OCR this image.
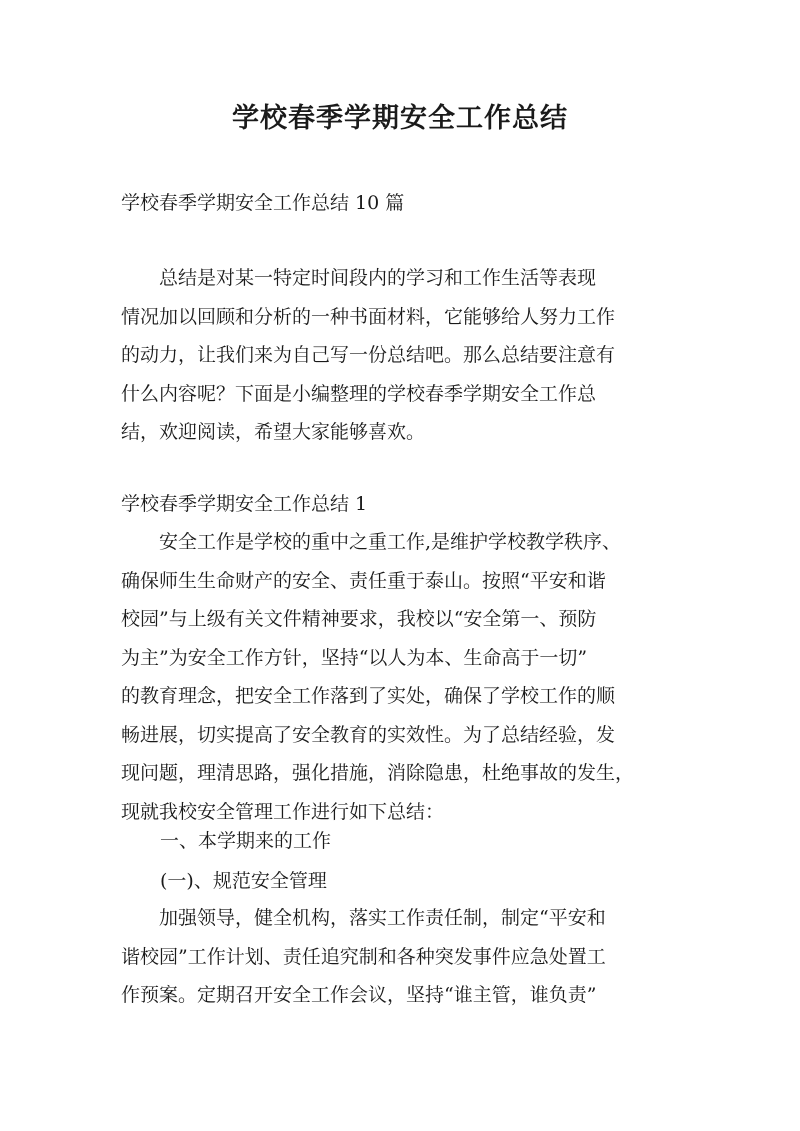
学校春季学期安全工作总结

学校春季学期安全工作总结 10 篇

总结是对某一特定时间段内的学习和工作生活等表现
情况加以回顾和分析的一种书面材料，它能够给人努力工作
的动力，让我们来为自己写一份总结吧。那么总结要注意有
什么内容呢？下面是小编整理的学校春季学期安全工作总
结，欢迎阅读，希望大家能够喜欢。

学校春季学期安全工作总结 1

安全工作是学校的重中之重工作,是维护学校教学秩序、
确保师生生命财产的安全、责任重于泰山。按照“平安和谐
校园”与上级有关文件精神要求，我校以“安全第一、预防
为主”为安全工作方针，坚持“以人为本、生命高于一切”
的教育理念，把安全工作落到了实处，确保了学校工作的顺
畅进展，切实提高了安全教育的实效性。为了总结经验，发
现问题，理清思路，强化措施，消除隐患，杜绝事故的发生，
现就我校安全管理工作进行如下总结：

一、本学期来的工作

(一)、规范安全管理

加强领导，健全机构，落实工作责任制，制定“平安和
谐校园”工作计划、责任追究制和各种突发事件应急处置工
作预案。定期召开安全工作会议，坚持“谁主管，谁负责”
